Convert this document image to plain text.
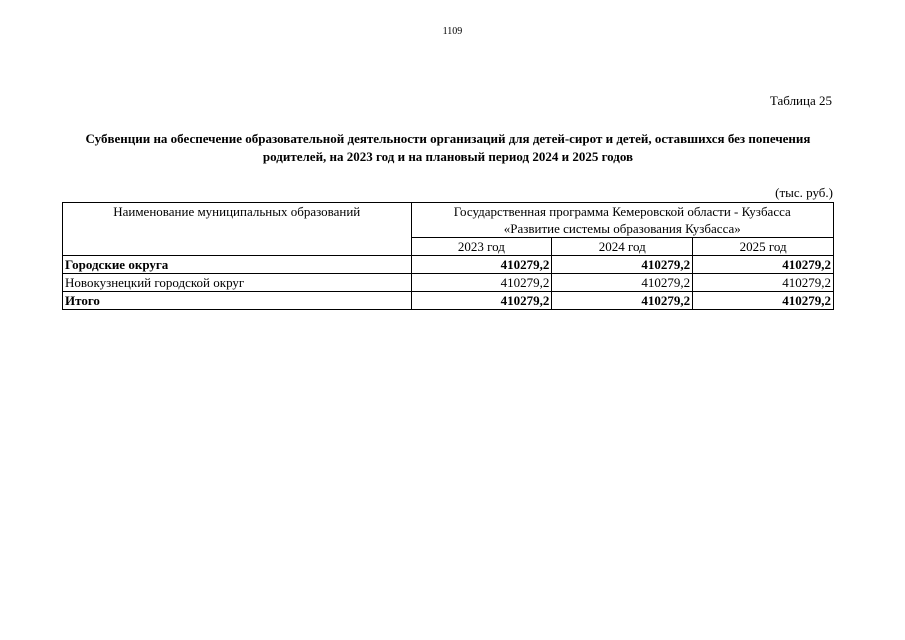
1109
Таблица 25
Субвенции на обеспечение образовательной деятельности организаций для детей-сирот и детей, оставшихся без попечения родителей, на 2023 год и на плановый период 2024 и 2025 годов
(тыс. руб.)
Наименование муниципальных образований	Государственная программа Кемеровской области - Кузбасса
«Развитие системы образования Кузбасса»		

	2023 год	2024 год	2025 год
Городские округа	410279,2	410279,2	410279,2
Новокузнецкий городской округ	410279,2	410279,2	410279,2
Итого	410279,2	410279,2	410279,2
